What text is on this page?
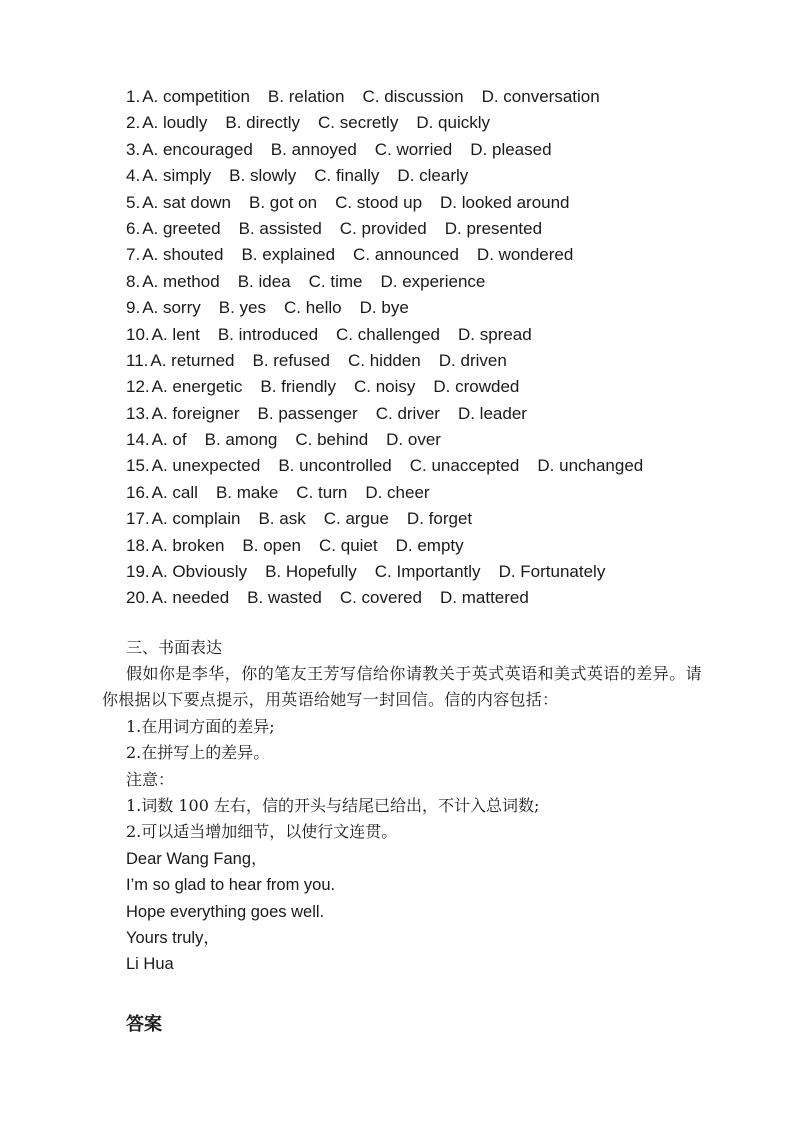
1. A. competition B. relation C. discussion D. conversation
2. A. loudly B. directly C. secretly D. quickly
3. A. encouraged B. annoyed C. worried D. pleased
4. A. simply B. slowly C. finally D. clearly
5. A. sat down B. got on C. stood up D. looked around
6. A. greeted B. assisted C. provided D. presented
7. A. shouted B. explained C. announced D. wondered
8. A. method B. idea C. time D. experience
9. A. sorry B. yes C. hello D. bye
10. A. lent B. introduced C. challenged D. spread
11. A. returned B. refused C. hidden D. driven
12. A. energetic B. friendly C. noisy D. crowded
13. A. foreigner B. passenger C. driver D. leader
14. A. of B. among C. behind D. over
15. A. unexpected B. uncontrolled C. unaccepted D. unchanged
16. A. call B. make C. turn D. cheer
17. A. complain B. ask C. argue D. forget
18. A. broken B. open C. quiet D. empty
19. A. Obviously B. Hopefully C. Importantly D. Fortunately
20. A. needed B. wasted C. covered D. mattered
三、书面表达

假如你是李华，你的笔友王芳写信给你请教关于英式英语和美式英语的差异。请你根据以下要点提示，用英语给她写一封回信。信的内容包括：

1.在用词方面的差异;
2.在拼写上的差异。
注意：
1.词数 100 左右，信的开头与结尾已给出，不计入总词数;
2.可以适当增加细节，以使行文连贯。
Dear Wang Fang，
I’m so glad to hear from you.
Hope everything goes well.
Yours truly，
Li Hua
答案
